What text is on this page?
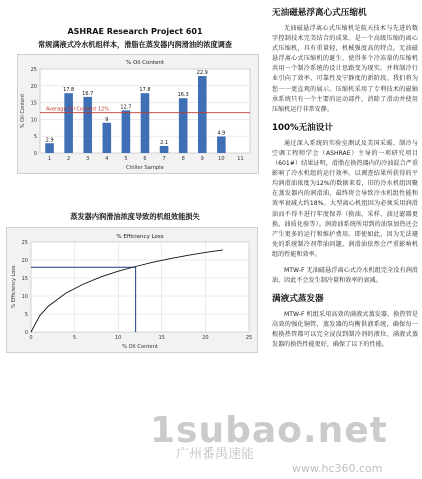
ASHRAE Research Project 601
常规满液式冷水机组样本，滑脂在蒸发器内润滑油的浓度调查
% Oil Content
0
5
10
15
20
25
% Oil Content
2.9
1
17.8
2
16.7
3
9
4
12.7
5
17.8
6
2.1
7
16.3
8
22.9
9
4.9
10	11
Average Oil Content 12%
Chiller Sample
蒸发器内润滑油浓度导致的机组效能损失
% Efficiency Loss
0
5
10
15
20
25
0	5	10	15	20	25
% Efficiency Loss
% Oil Content
无油磁悬浮离心式压缩机

无油磁悬浮离心式压缩机是航天技术与先进的数字控制技术完美结合的成果。是一个高级压缩的离心式压缩机，具有重量轻，机械强度高的特点。无油磁悬浮离心式压缩机的诞生，使得多个冷冻量的压缩机共用一个制冷系统的设计思路变为现实。并将制冷行业引向了效率、可靠性及宁静度的新阶段。我们将为您一一更直观的展示。压缩机采用了专利技术的磁轴承系统只有一个主要的运动部件，消除了滑动并使用压缩机运行非常安静。

100%无油设计

通过深入系统的实验室测试及美国采暖、制冷与空调工程师学会（ASHRAE）主导的一项研究项目（601#）结果证明，滑脂在换热器内的冷油混合严重影响了冷水机组的运行效率。以调查结果所获得的平均润滑油浓度为12%的数据来看，旧的冷水机组因聚在蒸发器内的润滑油，最终将会导致冷水机组性能和效率衰减大约18%。大型离心机组因为必须采用润滑油而不得不进行年度保养（换油、采样、油过滤器更换、油质化验等）。润滑油系统所用到的油泵加热还会产生更多的运行和维护费用。即使如此，因为无法避免的系统制冷剂带油问题，润滑油依然会严重影响机组的性能和效率。

MTW-F 无油磁悬浮离心式冷水机组完全没有润滑油，因此不会发生制冷量和效率的衰减。

满液式蒸发器

MTW-F 机组采用高效的满液式蒸发器，换热管是高效的强化铜管，蒸发器的均衡供液系统，确保每一根换热管都可以完全浸没到制冷剂的液位。满液式蒸发器的换热性能更好，确保了以下的性能。

1subao.net
广州番禺速能
www.hc360.com
